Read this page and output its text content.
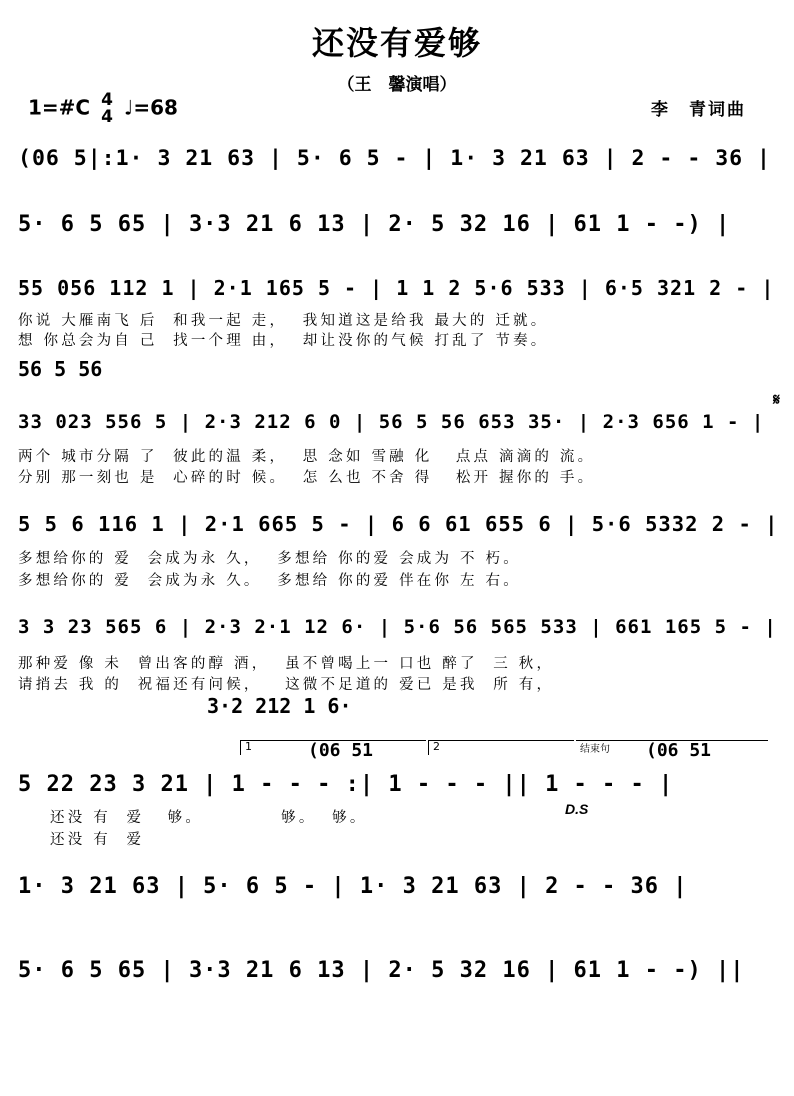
还没有爱够
（王　馨演唱）
1=#C 4
4 ♩=68	李　青词曲
(06 5|:1· 3 21 63 | 5· 6 5 - | 1· 3 21 63 | 2 - - 36 |
5· 6 5 65 | 3·3 21 6 13 | 2· 5 32 16 | 61 1 - -) |
55 056 112 1 | 2·1 165 5 - | 1 1 2 5·6 533 | 6·5 321 2 - |
你说 大雁南飞 后  和我一起 走，  我知道这是给我 最大的 迁就。
想 你总会为自 己  找一个理 由，  却让没你的气候 打乱了 节奏。
56 5 56
𝄋
33 023 556 5 | 2·3 212 6 0 | 56 5 56 653 35· | 2·3 656 1 - |
两个 城市分隔 了  彼此的温 柔，  思 念如 雪融 化   点点 滴滴的 流。
分别 那一刻也 是  心碎的时 候。  怎 么也 不舍 得   松开 握你的 手。
5 5 6 116 1 | 2·1 665 5 - | 6 6 61 655 6 | 5·6 5332 2 - |
多想给你的 爱  会成为永 久，  多想给 你的爱 会成为 不 朽。
多想给你的 爱  会成为永 久。  多想给 你的爱 伴在你 左 右。
3 3 23 565 6 | 2·3 2·1 12 6· | 5·6 56 565 533 | 661 165 5 - |
那种爱 像 未  曾出客的醇 酒，  虽不曾喝上一 口也 醉了  三 秋，
请捎去 我 的  祝福还有问候，   这微不足道的 爱已 是我  所 有，
3·2 212 1 6·
1	(06 51	2	结束句 (06 51
5 22 23 3 21 | 1 - - - :| 1 - - - || 1 - - - |
还没 有  爱   够。          够。  够。
还没 有  爱
D.S
1· 3 21 63 | 5· 6 5 - | 1· 3 21 63 | 2 - - 36 |
5· 6 5 65 | 3·3 21 6 13 | 2· 5 32 16 | 61 1 - -) ||
